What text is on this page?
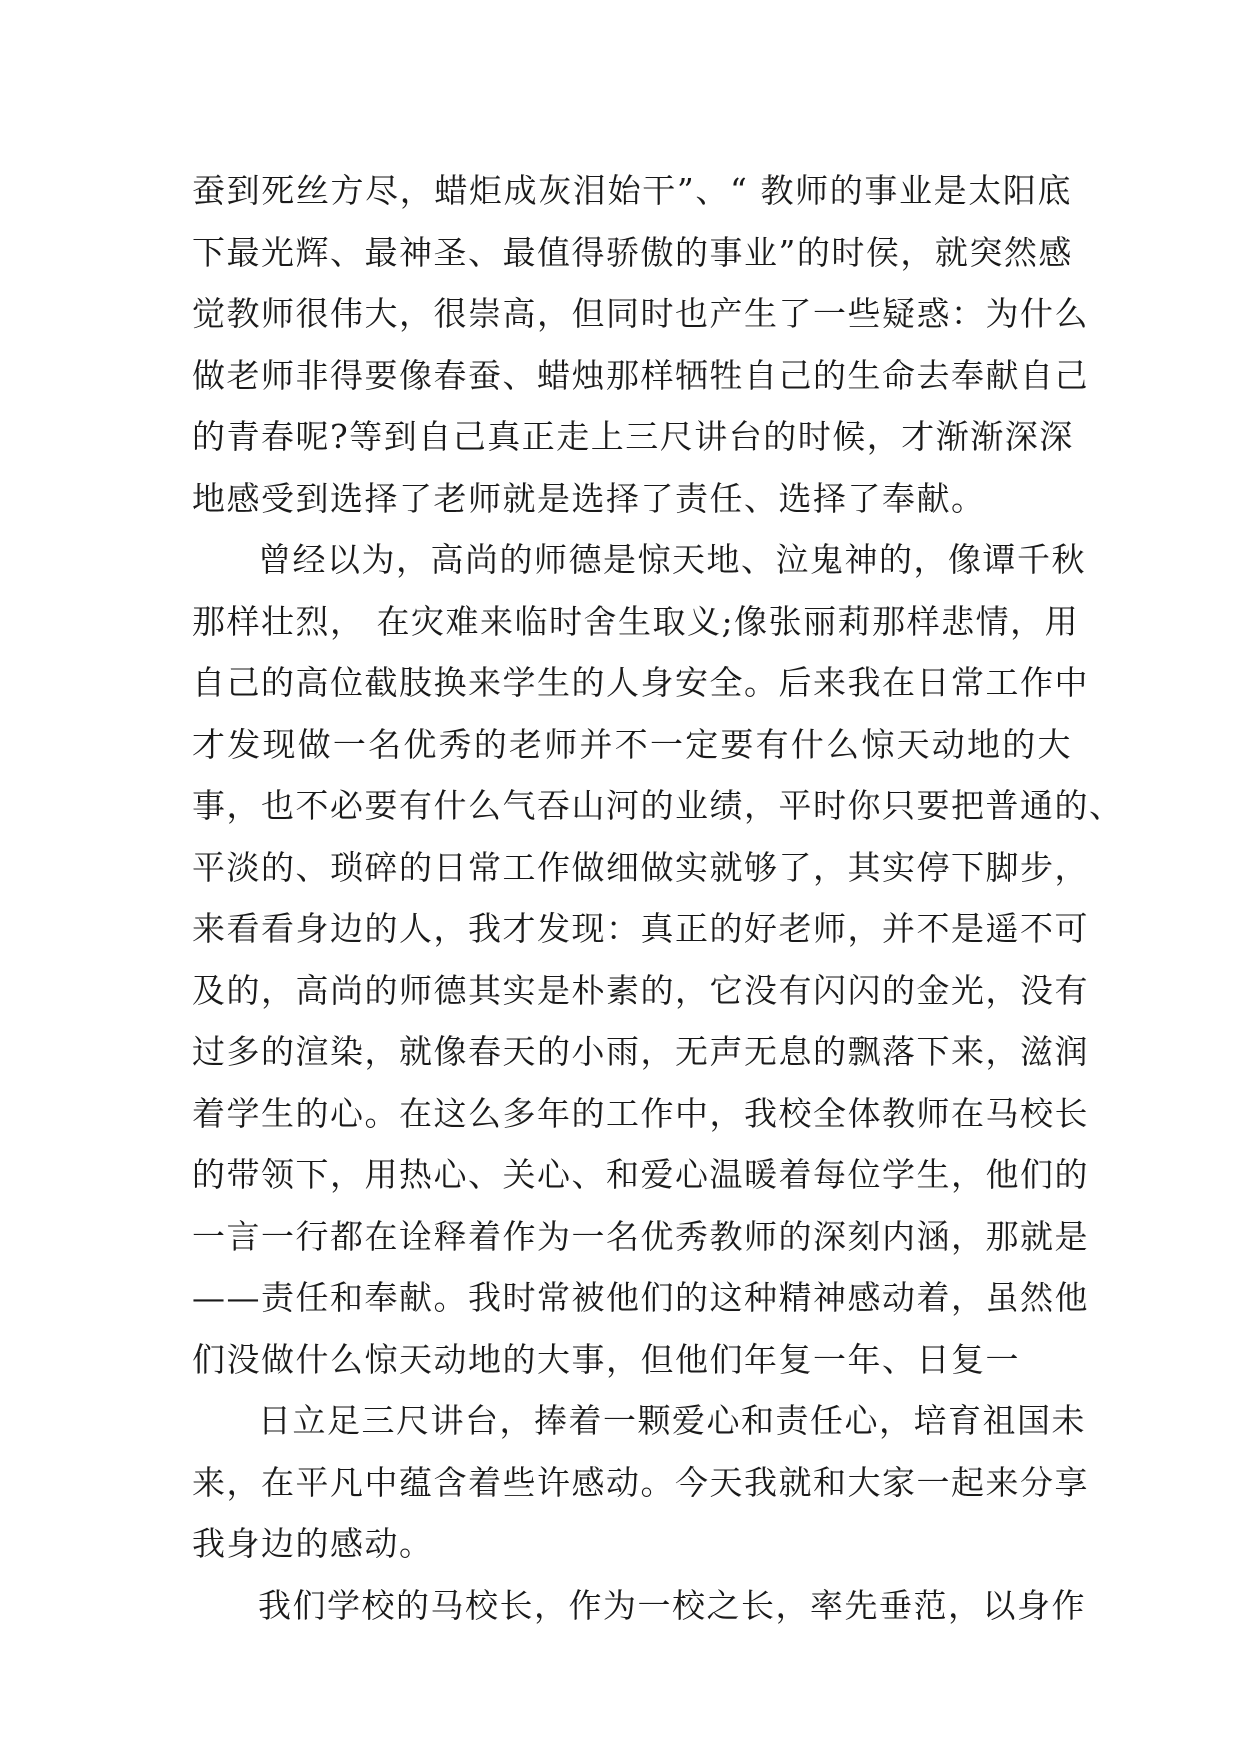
蚕到死丝方尽，蜡炬成灰泪始干”、“ 教师的事业是太阳底
下最光辉、最神圣、最值得骄傲的事业”的时侯，就突然感
觉教师很伟大，很崇高，但同时也产生了一些疑惑：为什么
做老师非得要像春蚕、蜡烛那样牺牲自己的生命去奉献自己
的青春呢?等到自己真正走上三尺讲台的时候，才渐渐深深
地感受到选择了老师就是选择了责任、选择了奉献。
曾经以为，高尚的师德是惊天地、泣鬼神的，像谭千秋
那样壮烈， 在灾难来临时舍生取义;像张丽莉那样悲情，用
自己的高位截肢换来学生的人身安全。后来我在日常工作中
才发现做一名优秀的老师并不一定要有什么惊天动地的大
事，也不必要有什么气吞山河的业绩，平时你只要把普通的、
平淡的、琐碎的日常工作做细做实就够了，其实停下脚步，
来看看身边的人，我才发现：真正的好老师，并不是遥不可
及的，高尚的师德其实是朴素的，它没有闪闪的金光，没有
过多的渲染，就像春天的小雨，无声无息的飘落下来，滋润
着学生的心。在这么多年的工作中，我校全体教师在马校长
的带领下，用热心、关心、和爱心温暖着每位学生，他们的
一言一行都在诠释着作为一名优秀教师的深刻内涵，那就是
——责任和奉献。我时常被他们的这种精神感动着，虽然他
们没做什么惊天动地的大事，但他们年复一年、日复一
日立足三尺讲台，捧着一颗爱心和责任心，培育祖国未
来，在平凡中蕴含着些许感动。今天我就和大家一起来分享
我身边的感动。
我们学校的马校长，作为一校之长，率先垂范，以身作
